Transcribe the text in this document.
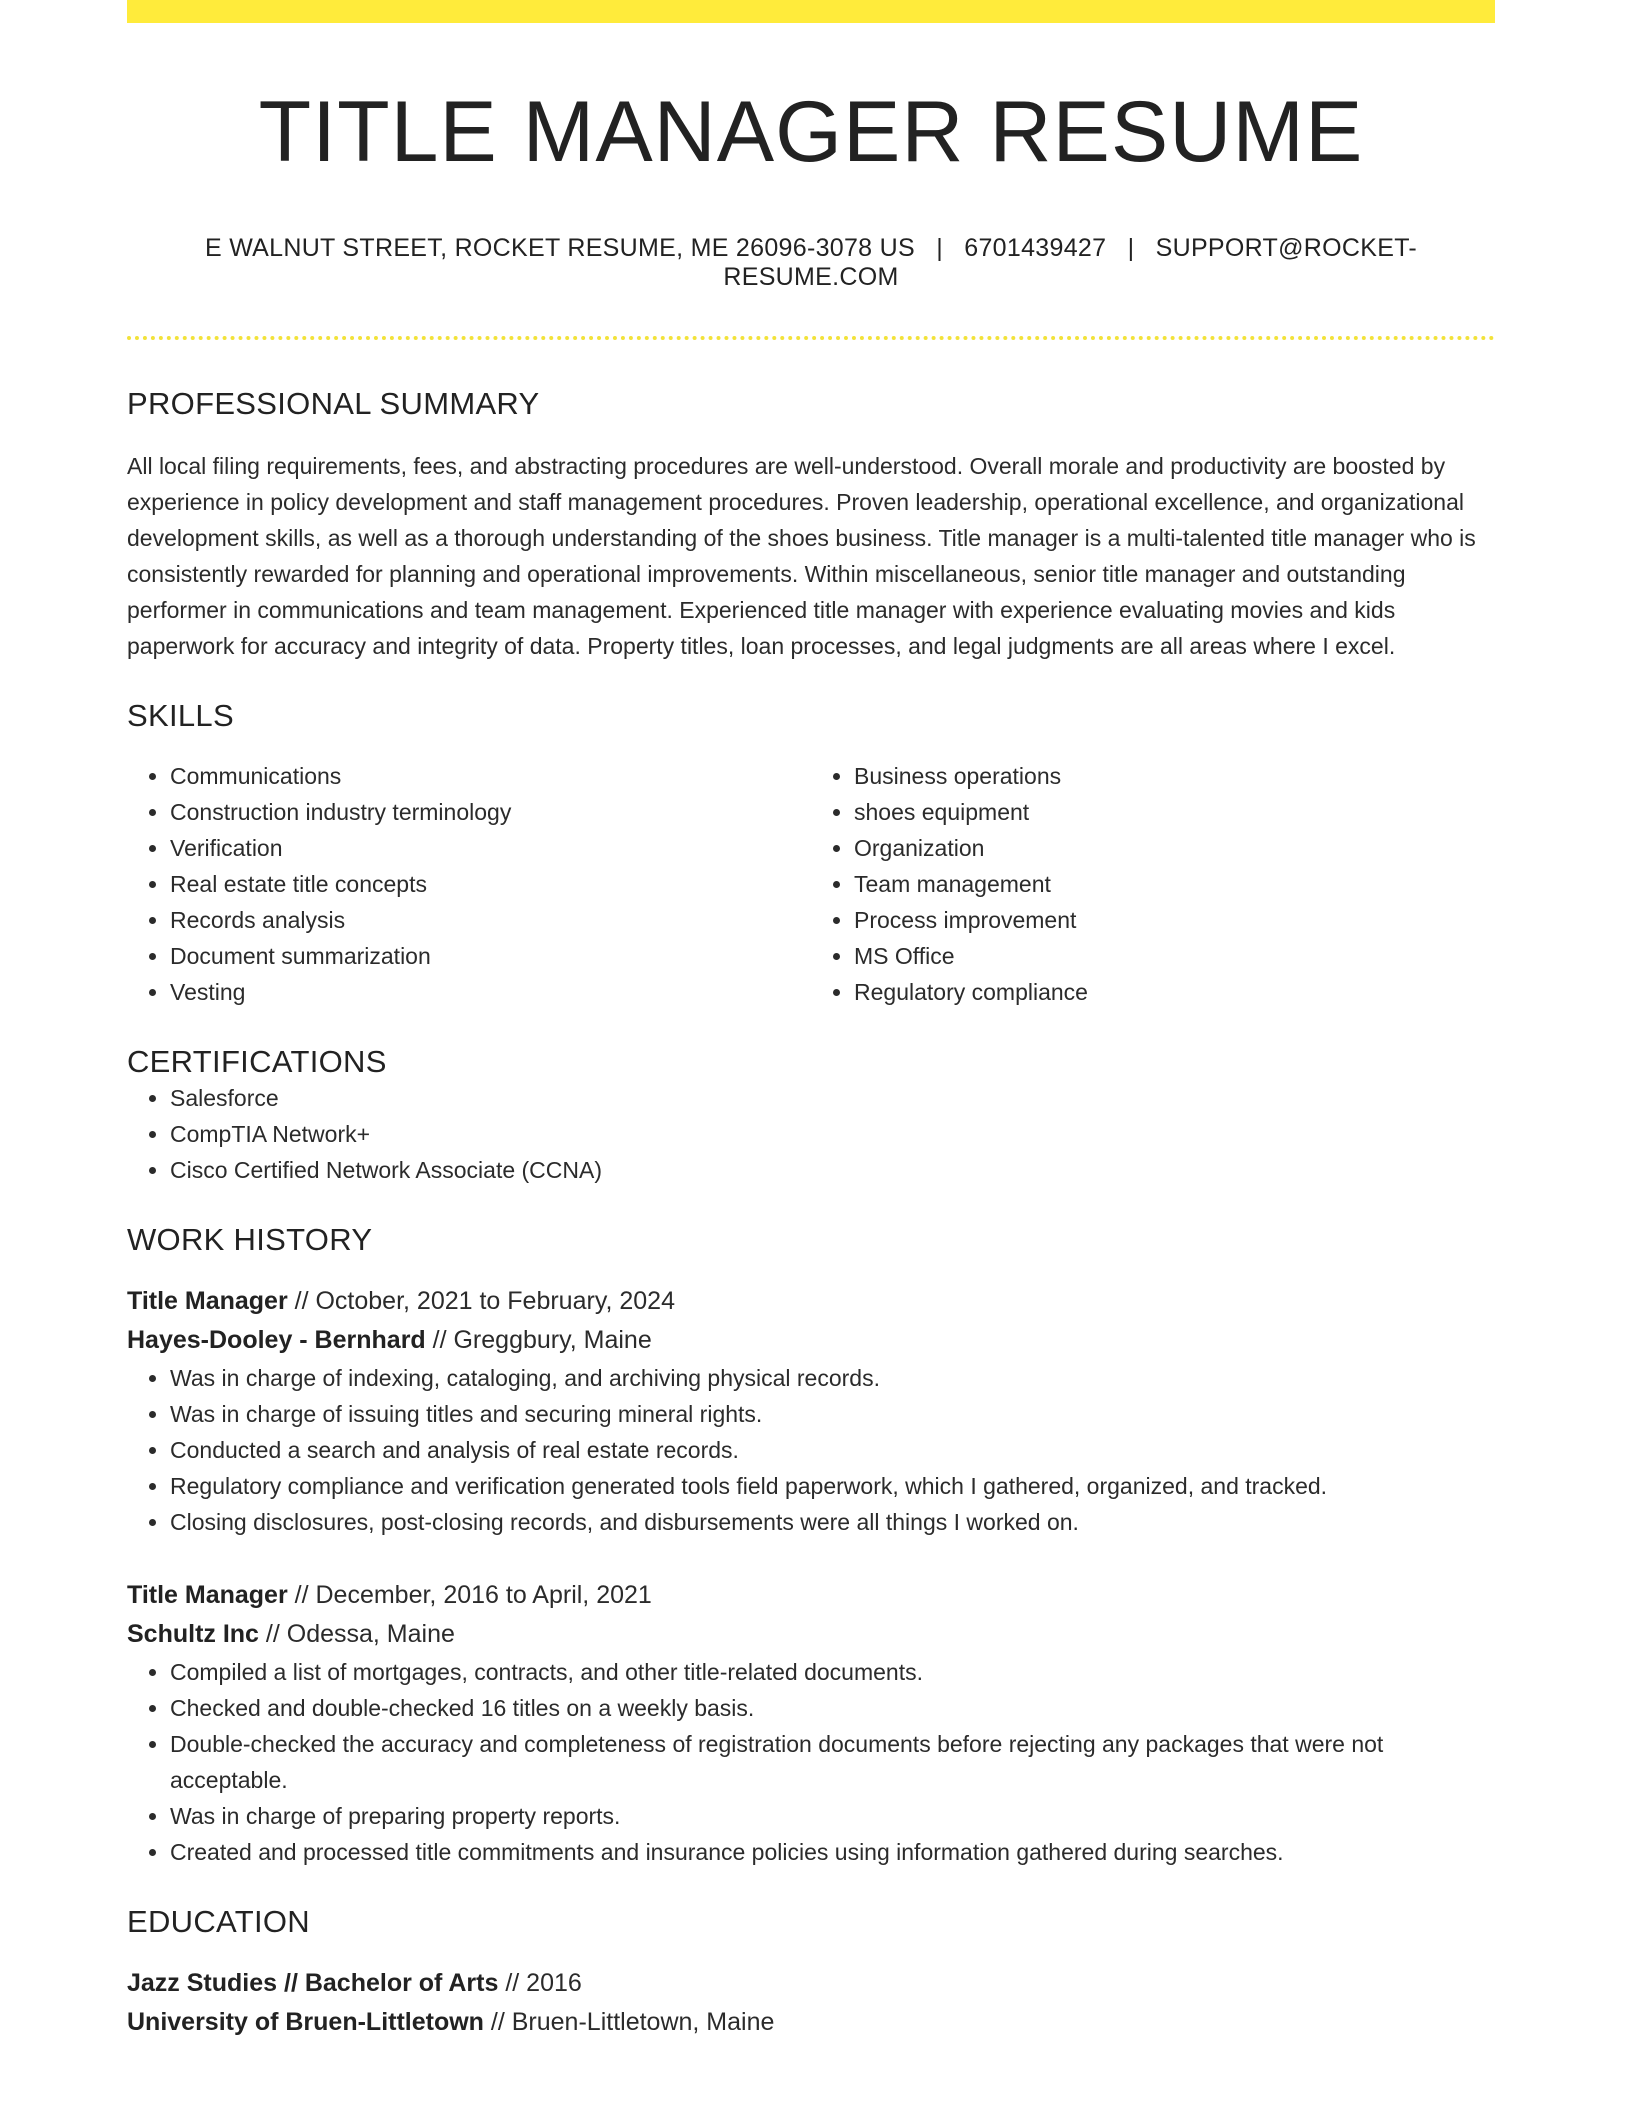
TITLE MANAGER RESUME
E WALNUT STREET, ROCKET RESUME, ME 26096-3078 US | 6701439427 | SUPPORT@ROCKET-RESUME.COM
PROFESSIONAL SUMMARY
All local filing requirements, fees, and abstracting procedures are well-understood. Overall morale and productivity are boosted by experience in policy development and staff management procedures. Proven leadership, operational excellence, and organizational development skills, as well as a thorough understanding of the shoes business. Title manager is a multi-talented title manager who is consistently rewarded for planning and operational improvements. Within miscellaneous, senior title manager and outstanding performer in communications and team management. Experienced title manager with experience evaluating movies and kids paperwork for accuracy and integrity of data. Property titles, loan processes, and legal judgments are all areas where I excel.
SKILLS
• Communications
• Construction industry terminology
• Verification
• Real estate title concepts
• Records analysis
• Document summarization
• Vesting
• Business operations
• shoes equipment
• Organization
• Team management
• Process improvement
• MS Office
• Regulatory compliance
CERTIFICATIONS
• Salesforce
• CompTIA Network+
• Cisco Certified Network Associate (CCNA)
WORK HISTORY
Title Manager // October, 2021 to February, 2024
Hayes-Dooley - Bernhard // Greggbury, Maine
• Was in charge of indexing, cataloging, and archiving physical records.
• Was in charge of issuing titles and securing mineral rights.
• Conducted a search and analysis of real estate records.
• Regulatory compliance and verification generated tools field paperwork, which I gathered, organized, and tracked.
• Closing disclosures, post-closing records, and disbursements were all things I worked on.
Title Manager // December, 2016 to April, 2021
Schultz Inc // Odessa, Maine
• Compiled a list of mortgages, contracts, and other title-related documents.
• Checked and double-checked 16 titles on a weekly basis.
• Double-checked the accuracy and completeness of registration documents before rejecting any packages that were not acceptable.
• Was in charge of preparing property reports.
• Created and processed title commitments and insurance policies using information gathered during searches.
EDUCATION
Jazz Studies // Bachelor of Arts // 2016
University of Bruen-Littletown // Bruen-Littletown, Maine
